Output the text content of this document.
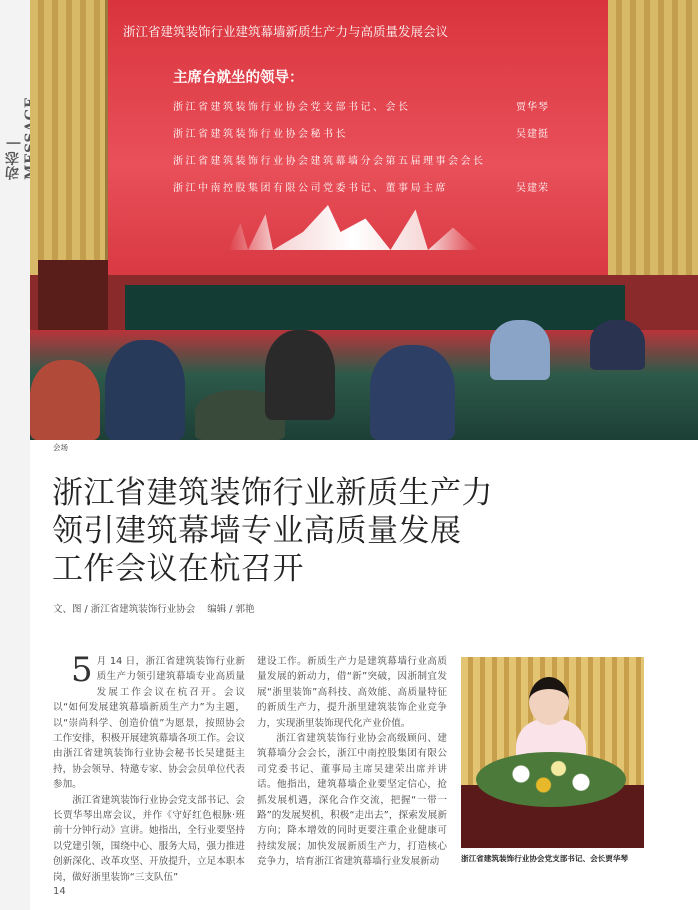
动态 |
浙江省建筑装饰行业建筑幕墙新质生产力与高质量发展会议
主席台就坐的领导：
浙江省建筑装饰行业协会党支部书记、会长	贾华琴
浙江省建筑装饰行业协会秘书长	吴建挺
浙江省建筑装饰行业协会建筑幕墙分会第五届理事会会长
浙江中南控股集团有限公司党委书记、董事局主席	吴建荣
会场
浙江省建筑装饰行业新质生产力
领引建筑幕墙专业高质量发展
工作会议在杭召开
文、图 / 浙江省建筑装饰行业协会 编辑 / 郭艳

5 月 14 日，浙江省建筑装饰行业新质生产力领引建筑幕墙专业高质量发展工作会议在杭召开。会议以“如何发展建筑幕墙新质生产力”为主题，以“崇尚科学、创造价值”为愿景，按照协会工作安排，积极开展建筑幕墙各项工作。会议由浙江省建筑装饰行业协会秘书长吴建挺主持，协会领导、特邀专家、协会会员单位代表参加。

浙江省建筑装饰行业协会党支部书记、会长贾华琴出席会议，并作《守好红色根脉·班前十分钟行动》宣讲。她指出，全行业要坚持以党建引领，围绕中心、服务大局，强力推进创新深化、改革攻坚、开放提升，立足本职本岗，做好浙里装饰“三支队伍”

建设工作。新质生产力是建筑幕墙行业高质量发展的新动力，借“新”突破，因浙制宜发展“浙里装饰”高科技、高效能、高质量特征的新质生产力，提升浙里建筑装饰企业竞争力，实现浙里装饰现代化产业价值。

浙江省建筑装饰行业协会高级顾问、建筑幕墙分会会长，浙江中南控股集团有限公司党委书记、董事局主席吴建荣出席并讲话。他指出，建筑幕墙企业要坚定信心，抢抓发展机遇，深化合作交流，把握“一带一路”的发展契机，积极“走出去”，探索发展新方向；降本增效的同时更要注重企业健康可持续发展；加快发展新质生产力，打造核心竞争力，培育浙江省建筑幕墙行业发展新动	浙江省建筑装饰行业协会党支部书记、会长贾华琴
14
